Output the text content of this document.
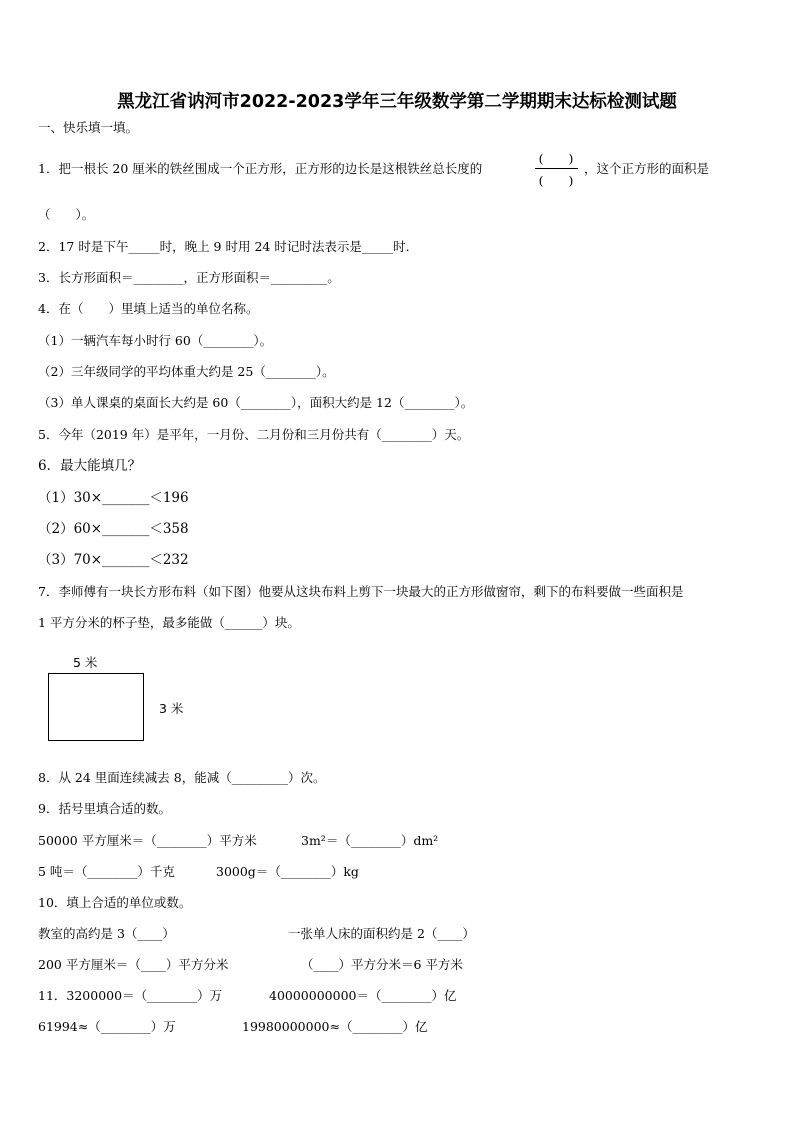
黑龙江省讷河市2022-2023学年三年级数学第二学期期末达标检测试题
一、快乐填一填。
1．把一根长 20 厘米的铁丝围成一个正方形，正方形的边长是这根铁丝总长度的
(　　)
(　　)
，这个正方形的面积是
（　　）。
2．17 时是下午_____时，晚上 9 时用 24 时记时法表示是_____时．
3．长方形面积＝________，正方形面积＝_________。
4．在（　　）里填上适当的单位名称。
（1）一辆汽车每小时行 60（________）。
（2）三年级同学的平均体重大约是 25（________）。
（3）单人课桌的桌面长大约是 60（________），面积大约是 12（________）。
5．今年（2019 年）是平年，一月份、二月份和三月份共有（________）天。
6．最大能填几？
（1）30×_______＜196
（2）60×_______＜358
（3）70×_______＜232
7．李师傅有一块长方形布料（如下图）他要从这块布料上剪下一块最大的正方形做窗帘，剩下的布料要做一些面积是
1 平方分米的杯子垫，最多能做（______）块。
5 米
3 米
8．从 24 里面连续减去 8，能减（_________）次。
9．括号里填合适的数。
50000 平方厘米＝（________）平方米	3m²＝（________）dm²
5 吨＝（________）千克	3000g＝（________）kg
10．填上合适的单位或数。
教室的高约是 3（____）	一张单人床的面积约是 2（____）
200 平方厘米＝（____）平方分米	（____）平方分米＝6 平方米
11．3200000＝（________）万	40000000000＝（________）亿
61994≈（________）万	19980000000≈（________）亿
